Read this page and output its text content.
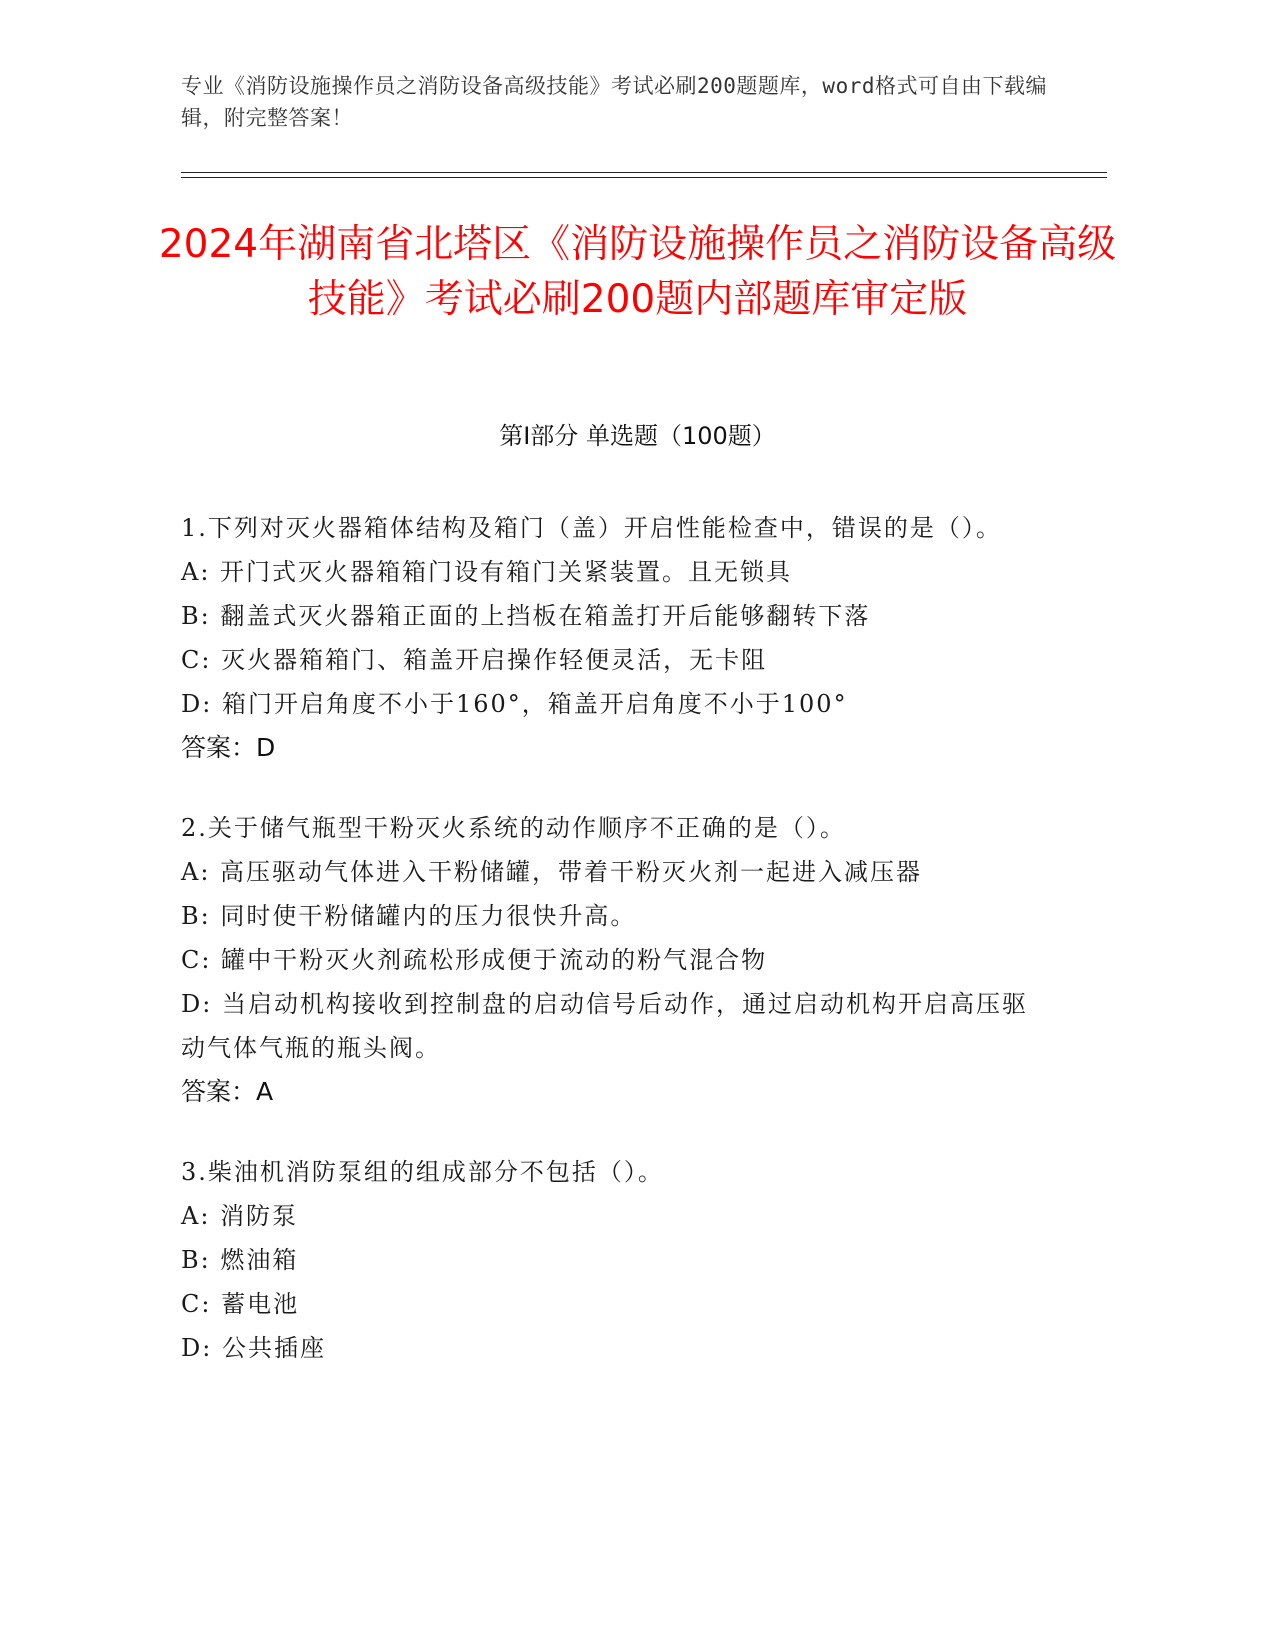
专业《消防设施操作员之消防设备高级技能》考试必刷200题题库，word格式可自由下载编辑，附完整答案！
2024年湖南省北塔区《消防设施操作员之消防设备高级技能》考试必刷200题内部题库审定版
第Ⅰ部分 单选题（100题）

1.下列对灭火器箱体结构及箱门（盖）开启性能检查中，错误的是（）。

A: 开门式灭火器箱箱门设有箱门关紧装置。且无锁具

B: 翻盖式灭火器箱正面的上挡板在箱盖打开后能够翻转下落

C: 灭火器箱箱门、箱盖开启操作轻便灵活，无卡阻

D: 箱门开启角度不小于160°，箱盖开启角度不小于100°

答案：D

2.关于储气瓶型干粉灭火系统的动作顺序不正确的是（）。

A: 高压驱动气体进入干粉储罐，带着干粉灭火剂一起进入减压器

B: 同时使干粉储罐内的压力很快升高。

C: 罐中干粉灭火剂疏松形成便于流动的粉气混合物

D: 当启动机构接收到控制盘的启动信号后动作，通过启动机构开启高压驱动气体气瓶的瓶头阀。

答案：A

3.柴油机消防泵组的组成部分不包括（）。

A: 消防泵

B: 燃油箱

C: 蓄电池

D: 公共插座
